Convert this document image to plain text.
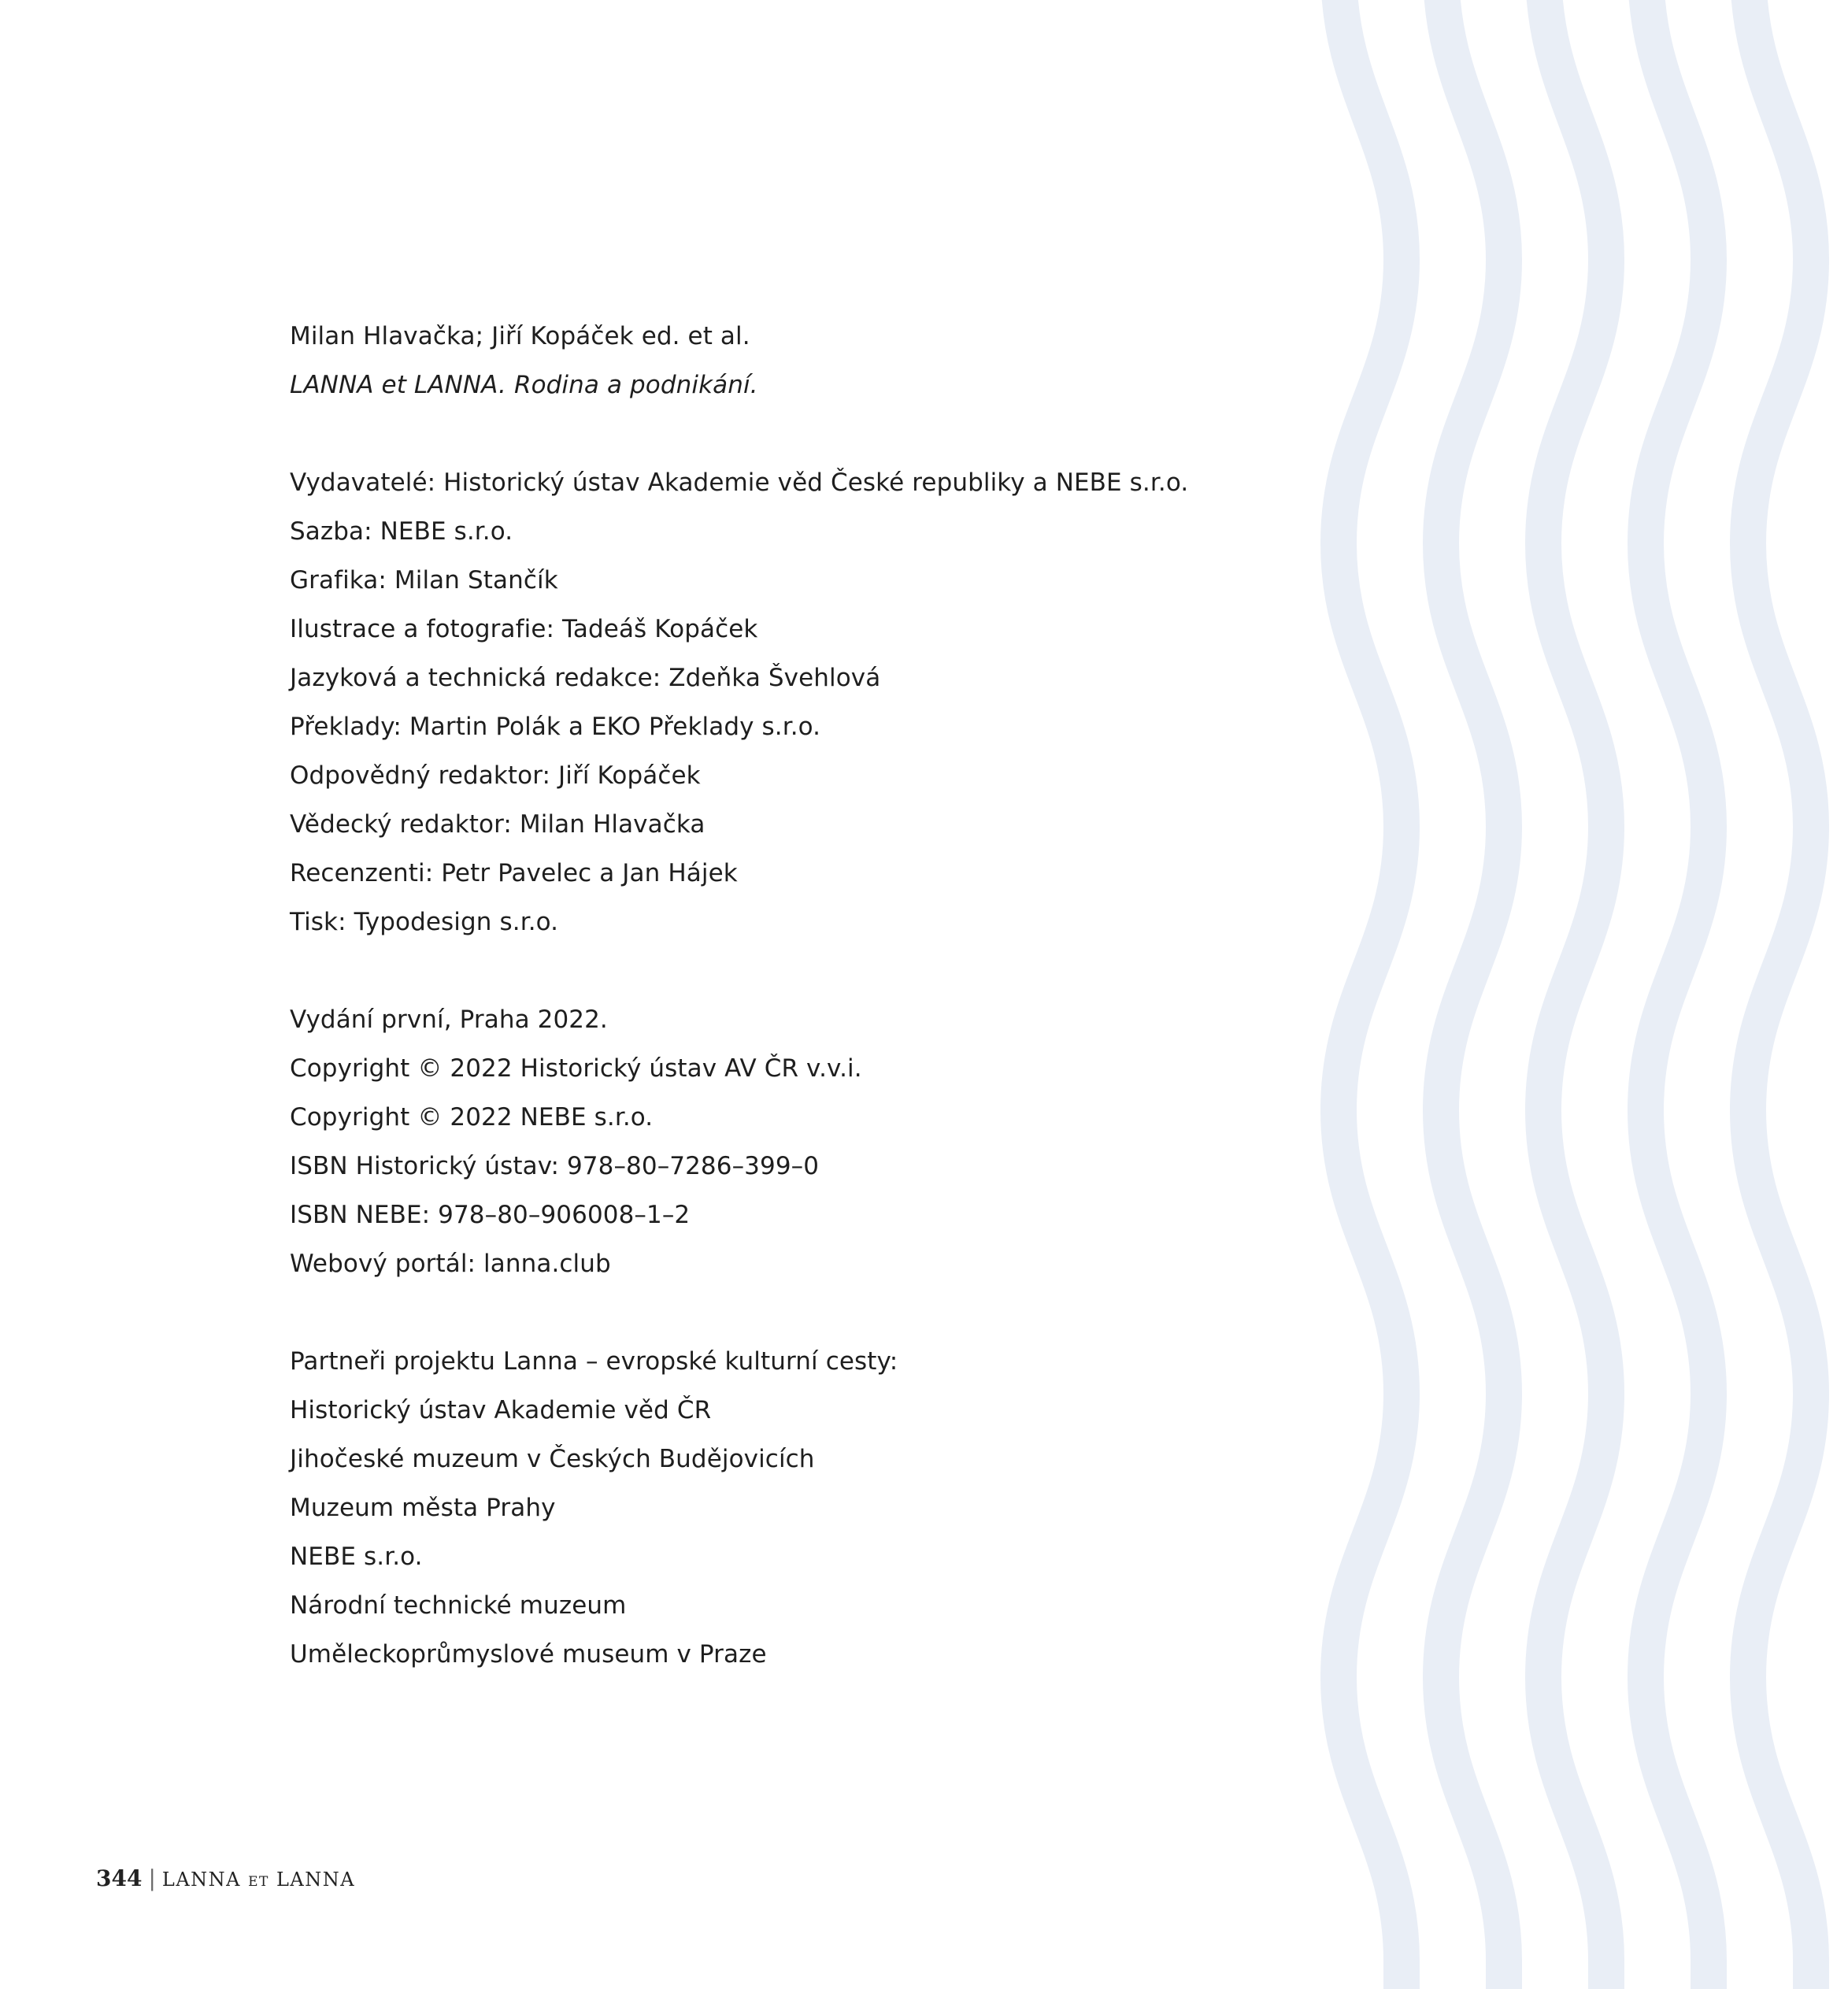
Milan Hlavačka; Jiří Kopáček ed. et al.
LANNA et LANNA. Rodina a podnikání.
Vydavatelé: Historický ústav Akademie věd České republiky a NEBE s.r.o.
Sazba: NEBE s.r.o.
Grafika: Milan Stančík
Ilustrace a fotografie: Tadeáš Kopáček
Jazyková a technická redakce: Zdeňka Švehlová
Překlady: Martin Polák a EKO Překlady s.r.o.
Odpovědný redaktor: Jiří Kopáček
Vědecký redaktor: Milan Hlavačka
Recenzenti: Petr Pavelec a Jan Hájek
Tisk: Typodesign s.r.o.
Vydání první, Praha 2022.
Copyright © 2022 Historický ústav AV ČR v.v.i.
Copyright © 2022 NEBE s.r.o.
ISBN Historický ústav: 978–80–7286–399–0
ISBN NEBE: 978–80–906008–1–2
Webový portál: lanna.club
Partneři projektu Lanna – evropské kulturní cesty:
Historický ústav Akademie věd ČR
Jihočeské muzeum v Českých Budějovicích
Muzeum města Prahy
NEBE s.r.o.
Národní technické muzeum
Uměleckoprůmyslové museum v Praze
344 | LANNA et LANNA
